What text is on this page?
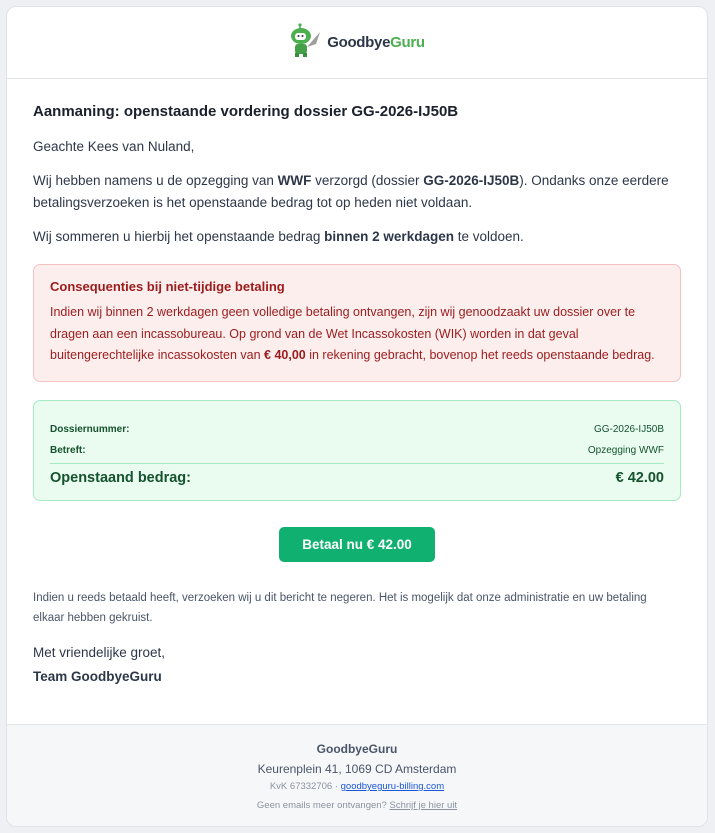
GoodbyeGuru
Aanmaning: openstaande vordering dossier GG-2026-IJ50B

Geachte Kees van Nuland,

Wij hebben namens u de opzegging van WWF verzorgd (dossier GG-2026-IJ50B). Ondanks onze eerdere betalingsverzoeken is het openstaande bedrag tot op heden niet voldaan.

Wij sommeren u hierbij het openstaande bedrag binnen 2 werkdagen te voldoen.

Consequenties bij niet-tijdige betaling

Indien wij binnen 2 werkdagen geen volledige betaling ontvangen, zijn wij genoodzaakt uw dossier over te dragen aan een incassobureau. Op grond van de Wet Incassokosten (WIK) worden in dat geval buitengerechtelijke incassokosten van € 40,00 in rekening gebracht, bovenop het reeds openstaande bedrag.

Dossiernummer:	GG-2026-IJ50B
Betreft:	Opzegging WWF
Openstaand bedrag:	€ 42.00
Betaal nu € 42.00

Indien u reeds betaald heeft, verzoeken wij u dit bericht te negeren. Het is mogelijk dat onze administratie en uw betaling elkaar hebben gekruist.

Met vriendelijke groet,

Team GoodbyeGuru

GoodbyeGuru
Keurenplein 41, 1069 CD Amsterdam
KvK 67332706 · goodbyeguru-billing.com
Geen emails meer ontvangen? Schrijf je hier uit
